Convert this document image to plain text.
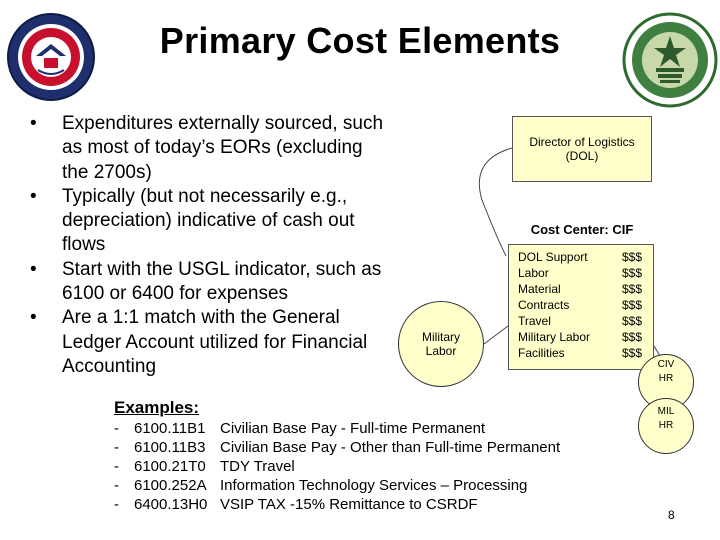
Primary Cost Elements
• Expenditures externally sourced, such as most of today’s EORs (excluding the 2700s)
• Typically (but not necessarily e.g., depreciation) indicative of cash out flows
• Start with the USGL indicator, such as 6100 or 6400 for expenses
• Are a 1:1 match with the General Ledger Account utilized for Financial Accounting
Director of Logistics (DOL)
Cost Center: CIF
DOL Support	$$$
Labor	$$$
Material	$$$
Contracts	$$$
Travel	$$$
Military Labor	$$$
Facilities	$$$
Military Labor
CIV HR
MIL HR
Examples:
- 6100.11B1 Civilian Base Pay - Full-time Permanent
- 6100.11B3 Civilian Base Pay - Other than Full-time Permanent
- 6100.21T0 TDY Travel
- 6100.252A Information Technology Services – Processing
- 6400.13H0 VSIP TAX -15% Remittance to CSRDF
8
